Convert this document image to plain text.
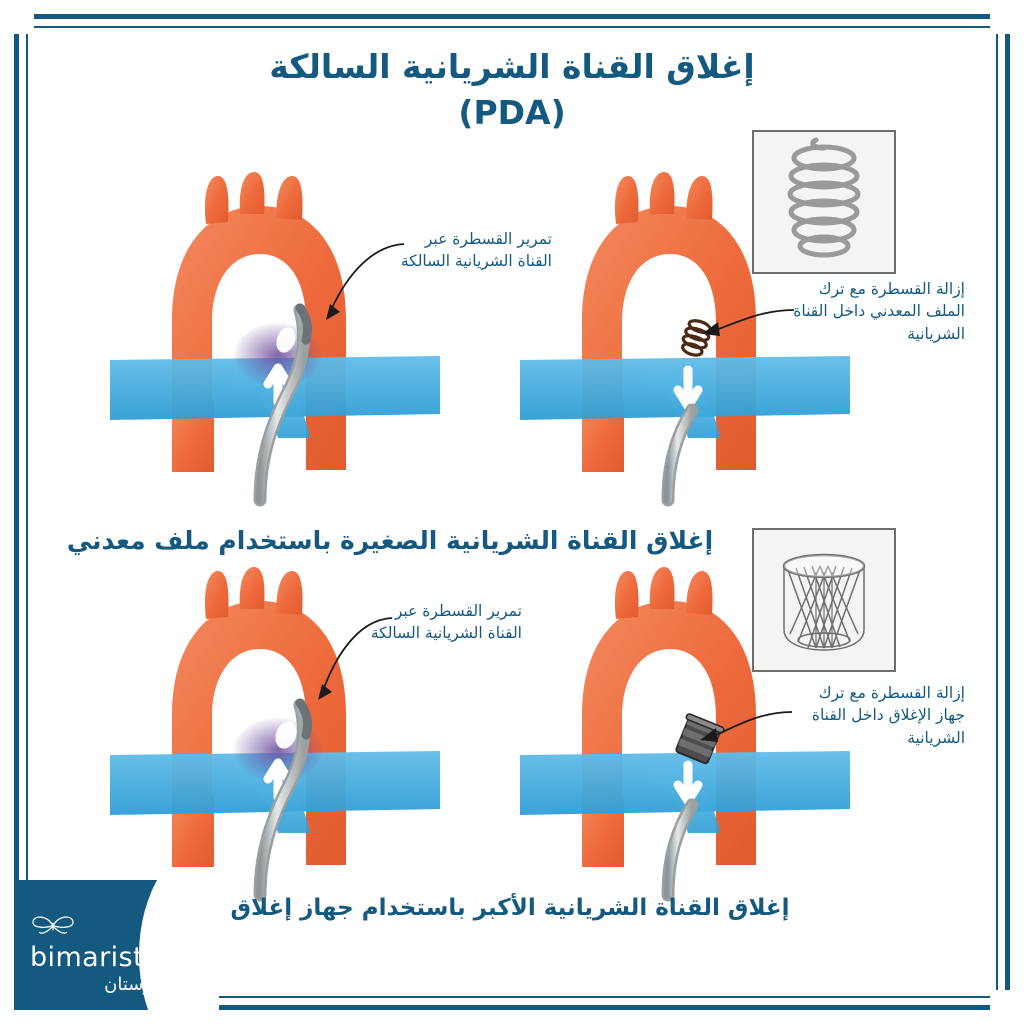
إغلاق القناة الشريانية السالكة
(PDA)
تمرير القسطرة عبر القناة الشريانية السالكة
إزالة القسطرة مع ترك الملف المعدني داخل القناة الشريانية
تمرير القسطرة عبر القناة الشريانية السالكة
إزالة القسطرة مع ترك جهاز الإغلاق داخل القناة الشريانية
إغلاق القناة الشريانية الصغيرة باستخدام ملف معدني
إغلاق القناة الشريانية الأكبر باستخدام جهاز إغلاق
bimaristan
بيمارستان
